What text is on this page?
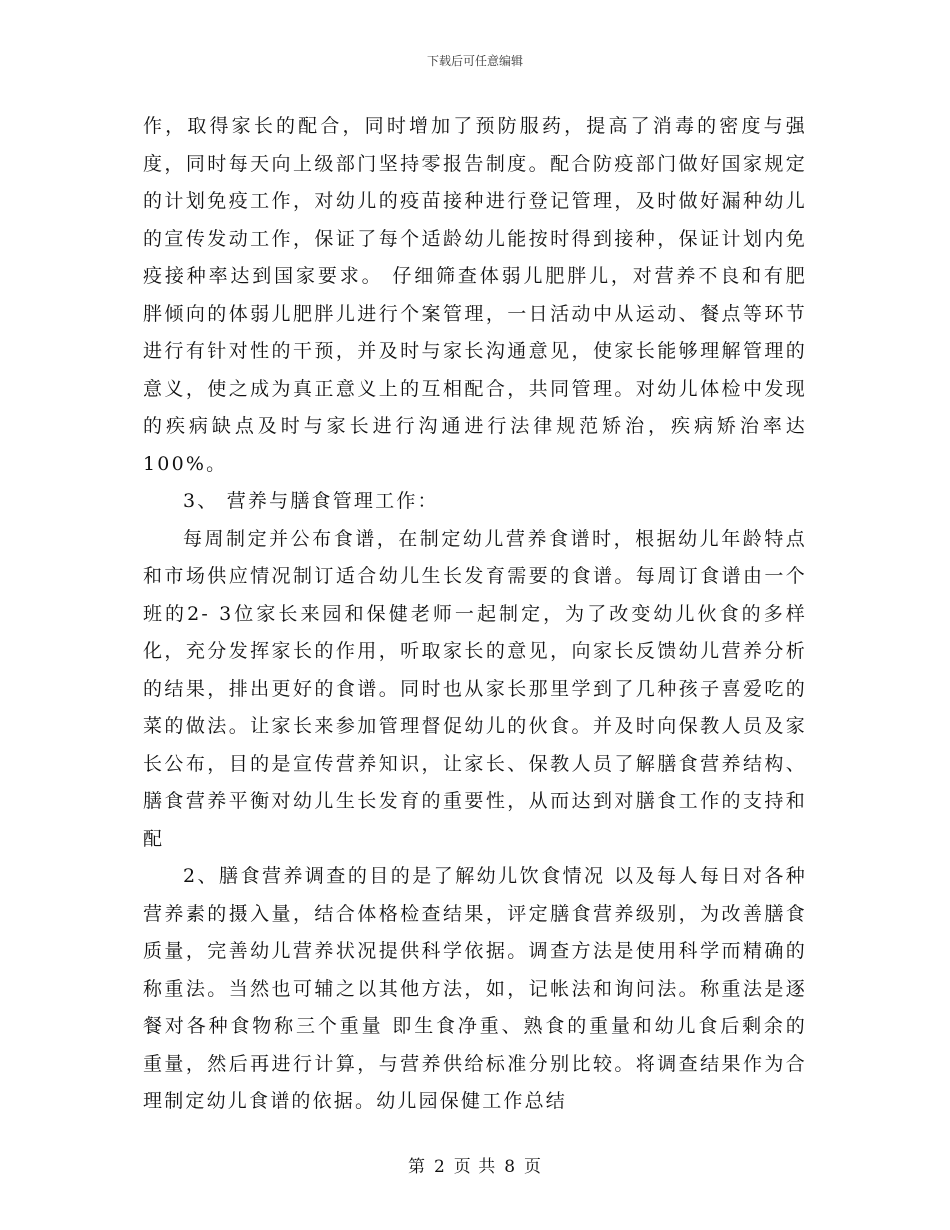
下载后可任意编辑

作，取得家长的配合，同时增加了预防服药，提高了消毒的密度与强度，同时每天向上级部门坚持零报告制度。配合防疫部门做好国家规定的计划免疫工作，对幼儿的疫苗接种进行登记管理，及时做好漏种幼儿的宣传发动工作，保证了每个适龄幼儿能按时得到接种，保证计划内免疫接种率达到国家要求。 仔细筛查体弱儿肥胖儿，对营养不良和有肥胖倾向的体弱儿肥胖儿进行个案管理，一日活动中从运动、餐点等环节进行有针对性的干预，并及时与家长沟通意见，使家长能够理解管理的意义，使之成为真正意义上的互相配合，共同管理。对幼儿体检中发现的疾病缺点及时与家长进行沟通进行法律规范矫治，疾病矫治率达100%。

3、 营养与膳食管理工作：

每周制定并公布食谱，在制定幼儿营养食谱时，根据幼儿年龄特点和市场供应情况制订适合幼儿生长发育需要的食谱。每周订食谱由一个班的2- 3位家长来园和保健老师一起制定，为了改变幼儿伙食的多样化，充分发挥家长的作用，听取家长的意见，向家长反馈幼儿营养分析的结果，排出更好的食谱。同时也从家长那里学到了几种孩子喜爱吃的菜的做法。让家长来参加管理督促幼儿的伙食。并及时向保教人员及家长公布，目的是宣传营养知识，让家长、保教人员了解膳食营养结构、膳食营养平衡对幼儿生长发育的重要性，从而达到对膳食工作的支持和配

2、膳食营养调查的目的是了解幼儿饮食情况 以及每人每日对各种营养素的摄入量，结合体格检查结果，评定膳食营养级别，为改善膳食质量，完善幼儿营养状况提供科学依据。调查方法是使用科学而精确的称重法。当然也可辅之以其他方法，如，记帐法和询问法。称重法是逐餐对各种食物称三个重量 即生食净重、熟食的重量和幼儿食后剩余的重量，然后再进行计算，与营养供给标准分别比较。将调查结果作为合理制定幼儿食谱的依据。幼儿园保健工作总结

第 2 页 共 8 页
